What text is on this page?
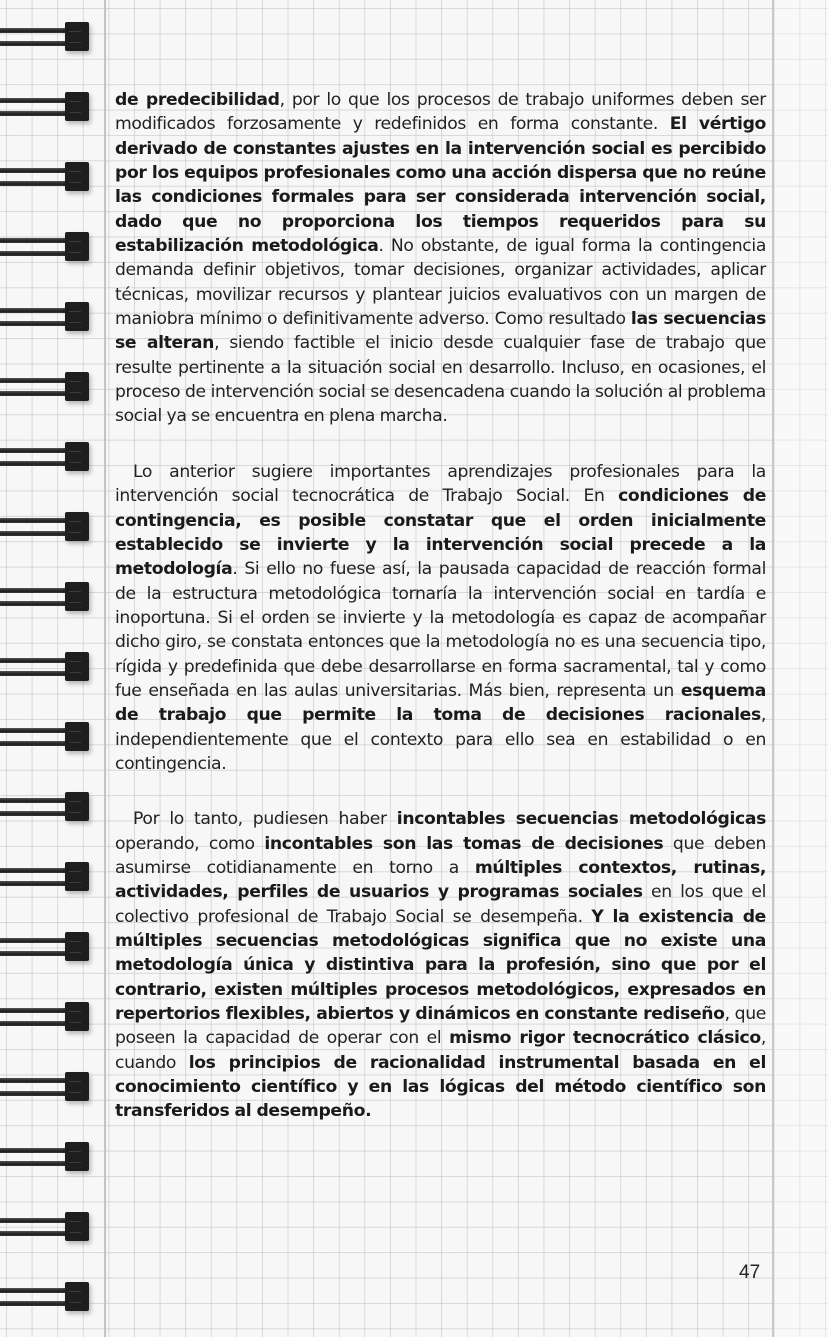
de predecibilidad, por lo que los procesos de trabajo uniformes deben ser modificados forzosamente y redefinidos en forma constante. El vértigo derivado de constantes ajustes en la intervención social es percibido por los equipos profesionales como una acción dispersa que no reúne las condiciones formales para ser considerada intervención social, dado que no proporciona los tiempos requeridos para su estabilización metodológica. No obstante, de igual forma la contingencia demanda definir objetivos, tomar decisiones, organizar actividades, aplicar técnicas, movilizar recursos y plantear juicios evaluativos con un margen de maniobra mínimo o definitivamente adverso. Como resultado las secuencias se alteran, siendo factible el inicio desde cualquier fase de trabajo que resulte pertinente a la situación social en desarrollo. Incluso, en ocasiones, el proceso de intervención social se desencadena cuando la solución al problema social ya se encuentra en plena marcha.

Lo anterior sugiere importantes aprendizajes profesionales para la intervención social tecnocrática de Trabajo Social. En condiciones de contingencia, es posible constatar que el orden inicialmente establecido se invierte y la intervención social precede a la metodología. Si ello no fuese así, la pausada capacidad de reacción formal de la estructura metodológica tornaría la intervención social en tardía e inoportuna. Si el orden se invierte y la metodología es capaz de acompañar dicho giro, se constata entonces que la metodología no es una secuencia tipo, rígida y predefinida que debe desarrollarse en forma sacramental, tal y como fue enseñada en las aulas universitarias. Más bien, representa un esquema de trabajo que permite la toma de decisiones racionales, independientemente que el contexto para ello sea en estabilidad o en contingencia.

Por lo tanto, pudiesen haber incontables secuencias metodológicas operando, como incontables son las tomas de decisiones que deben asumirse cotidianamente en torno a múltiples contextos, rutinas, actividades, perfiles de usuarios y programas sociales en los que el colectivo profesional de Trabajo Social se desempeña. Y la existencia de múltiples secuencias metodológicas significa que no existe una metodología única y distintiva para la profesión, sino que por el contrario, existen múltiples procesos metodológicos, expresados en repertorios flexibles, abiertos y dinámicos en constante rediseño, que poseen la capacidad de operar con el mismo rigor tecnocrático clásico, cuando los principios de racionalidad instrumental basada en el conocimiento científico y en las lógicas del método científico son transferidos al desempeño.

47
